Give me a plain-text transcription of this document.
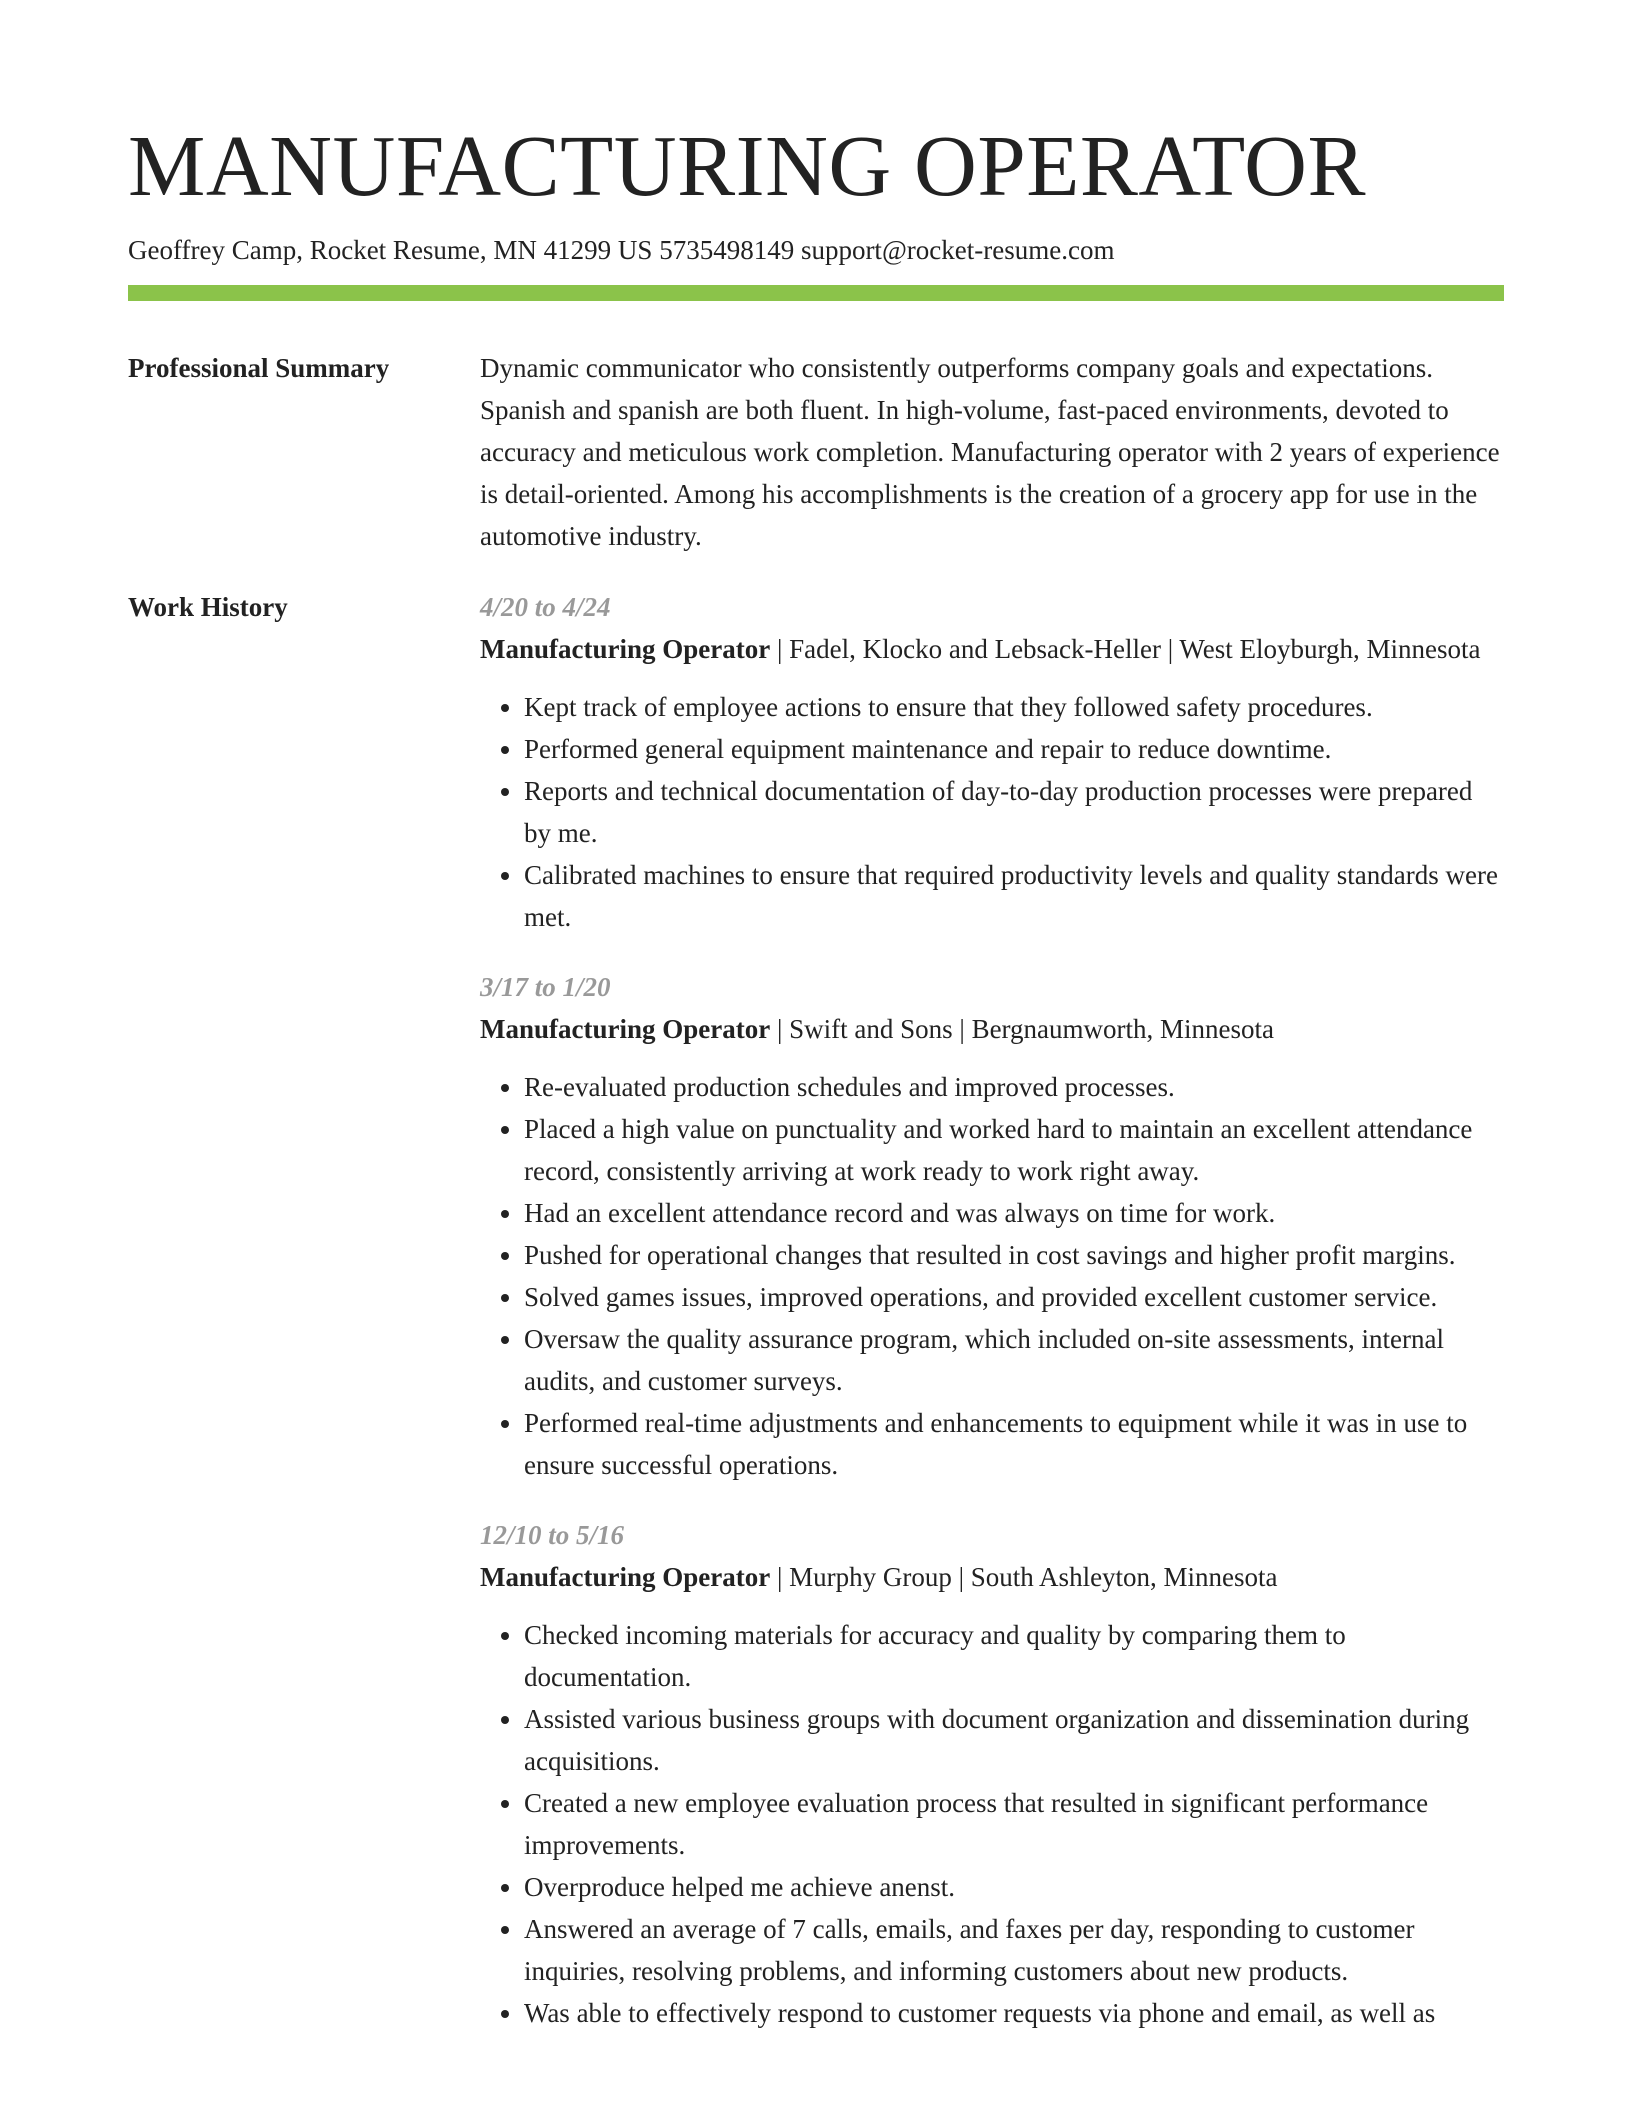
MANUFACTURING OPERATOR
Geoffrey Camp, Rocket Resume, MN 41299 US 5735498149 support@rocket-resume.com
Professional Summary	Dynamic communicator who consistently outperforms company goals and expectations. Spanish and spanish are both fluent. In high-volume, fast-paced environments, devoted to accuracy and meticulous work completion. Manufacturing operator with 2 years of experience is detail-oriented. Among his accomplishments is the creation of a grocery app for use in the automotive industry.

Work History	4/20 to 4/24
Manufacturing Operator | Fadel, Klocko and Lebsack-Heller | West Eloyburgh, Minnesota
• Kept track of employee actions to ensure that they followed safety procedures.
• Performed general equipment maintenance and repair to reduce downtime.
• Reports and technical documentation of day-to-day production processes were prepared by me.
• Calibrated machines to ensure that required productivity levels and quality standards were met.
3/17 to 1/20
Manufacturing Operator | Swift and Sons | Bergnaumworth, Minnesota
• Re-evaluated production schedules and improved processes.
• Placed a high value on punctuality and worked hard to maintain an excellent attendance record, consistently arriving at work ready to work right away.
• Had an excellent attendance record and was always on time for work.
• Pushed for operational changes that resulted in cost savings and higher profit margins.
• Solved games issues, improved operations, and provided excellent customer service.
• Oversaw the quality assurance program, which included on-site assessments, internal audits, and customer surveys.
• Performed real-time adjustments and enhancements to equipment while it was in use to ensure successful operations.
12/10 to 5/16
Manufacturing Operator | Murphy Group | South Ashleyton, Minnesota
• Checked incoming materials for accuracy and quality by comparing them to documentation.
• Assisted various business groups with document organization and dissemination during acquisitions.
• Created a new employee evaluation process that resulted in significant performance improvements.
• Overproduce helped me achieve anenst.
• Answered an average of 7 calls, emails, and faxes per day, responding to customer inquiries, resolving problems, and informing customers about new products.
• Was able to effectively respond to customer requests via phone and email, as well as
